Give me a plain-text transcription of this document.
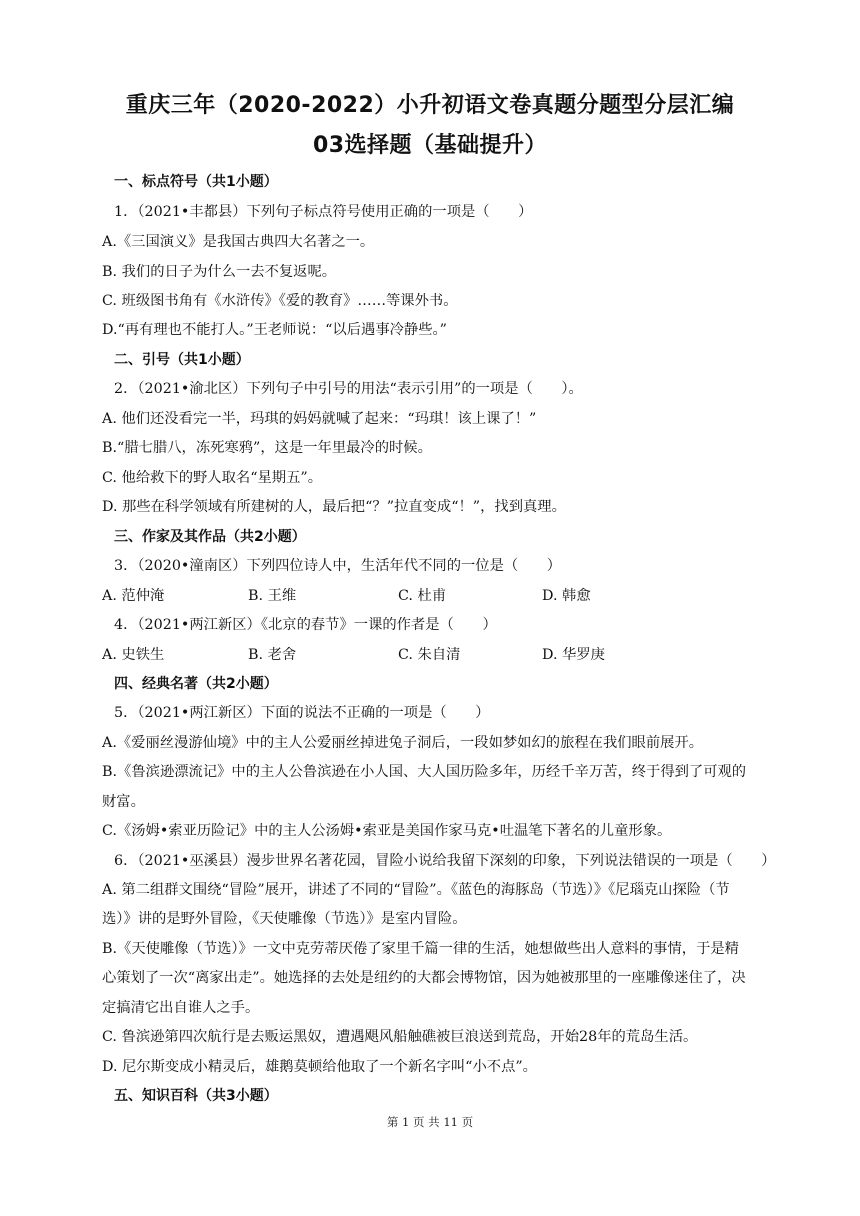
重庆三年（2020-2022）小升初语文卷真题分题型分层汇编
03选择题（基础提升）
一、标点符号（共1小题）
1．（2021•丰都县）下列句子标点符号使用正确的一项是（　　）
A.《三国演义》是我国古典四大名著之一。
B. 我们的日子为什么一去不复返呢。
C. 班级图书角有《水浒传》《爱的教育》……等课外书。
D.“再有理也不能打人。”王老师说：“以后遇事冷静些。”
二、引号（共1小题）
2．（2021•渝北区）下列句子中引号的用法“表示引用”的一项是（　　）。
A. 他们还没看完一半，玛琪的妈妈就喊了起来：“玛琪！该上课了！”
B.“腊七腊八，冻死寒鸦”，这是一年里最冷的时候。
C. 他给救下的野人取名“星期五”。
D. 那些在科学领域有所建树的人，最后把“？”拉直变成“！”，找到真理。
三、作家及其作品（共2小题）
3．（2020•潼南区）下列四位诗人中，生活年代不同的一位是（　　）
A. 范仲淹	B. 王维	C. 杜甫	D. 韩愈
4．（2021•两江新区）《北京的春节》一课的作者是（　　）
A. 史铁生	B. 老舍	C. 朱自清	D. 华罗庚
四、经典名著（共2小题）
5．（2021•两江新区）下面的说法不正确的一项是（　　）
A.《爱丽丝漫游仙境》中的主人公爱丽丝掉进兔子洞后，一段如梦如幻的旅程在我们眼前展开。
B.《鲁滨逊漂流记》中的主人公鲁滨逊在小人国、大人国历险多年，历经千辛万苦，终于得到了可观的
财富。
C.《汤姆•索亚历险记》中的主人公汤姆•索亚是美国作家马克•吐温笔下著名的儿童形象。
6．（2021•巫溪县）漫步世界名著花园，冒险小说给我留下深刻的印象，下列说法错误的一项是（　　）
A. 第二组群文围绕“冒险”展开，讲述了不同的“冒险”。《蓝色的海豚岛（节选）》《尼瑙克山探险（节
选）》讲的是野外冒险，《天使雕像（节选）》是室内冒险。
B.《天使雕像（节选）》一文中克劳蒂厌倦了家里千篇一律的生活，她想做些出人意料的事情，于是精
心策划了一次“离家出走”。她选择的去处是纽约的大都会博物馆，因为她被那里的一座雕像迷住了，决
定搞清它出自谁人之手。
C. 鲁滨逊第四次航行是去贩运黑奴，遭遇飓风船触礁被巨浪送到荒岛，开始28年的荒岛生活。
D. 尼尔斯变成小精灵后，雄鹅莫顿给他取了一个新名字叫“小不点”。
五、知识百科（共3小题）
第 1 页 共 11 页
